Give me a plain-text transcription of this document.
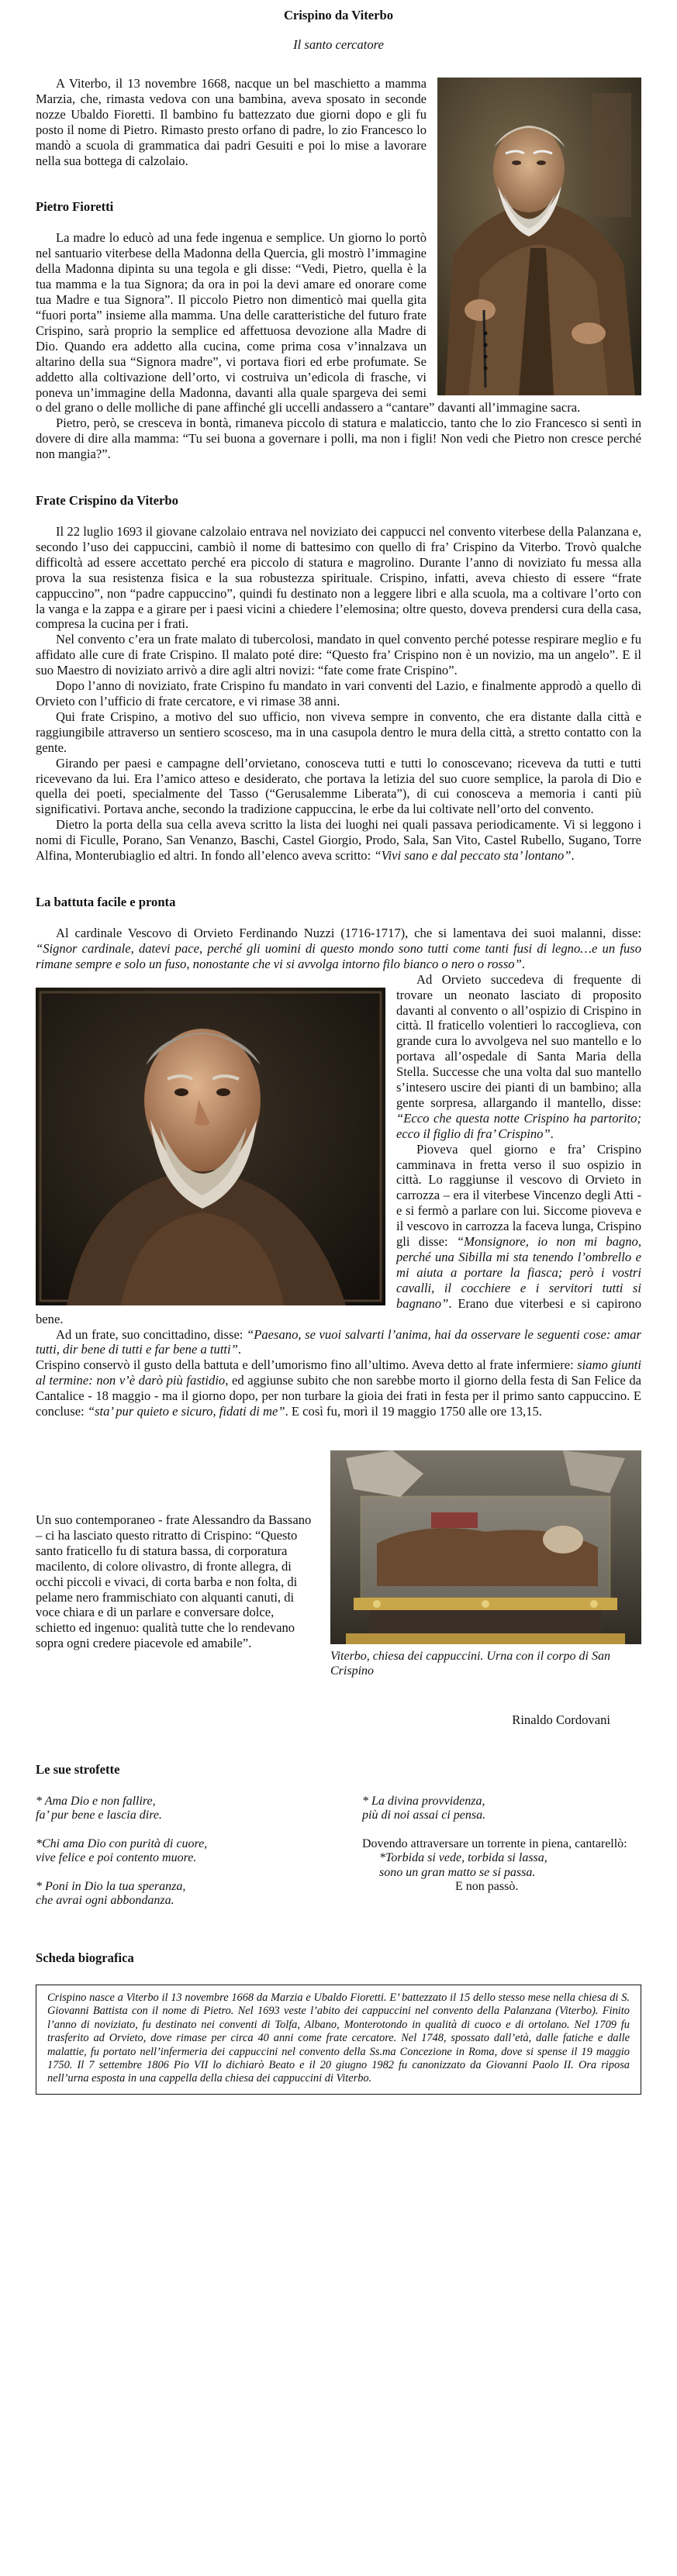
Crispino da Viterbo
Il santo cercatore

A Viterbo, il 13 novembre 1668, nacque un bel maschietto a mamma Marzia, che, rimasta vedova con una bambina, aveva sposato in seconde nozze Ubaldo Fioretti. Il bambino fu battezzato due giorni dopo e gli fu posto il nome di Pietro. Rimasto presto orfano di padre, lo zio Francesco lo mandò a scuola di grammatica dai padri Gesuiti e poi lo mise a lavorare nella sua bottega di calzolaio.

Pietro Fioretti

La madre lo educò ad una fede ingenua e semplice. Un giorno lo portò nel santuario viterbese della Madonna della Quercia, gli mostrò l’immagine della Madonna dipinta su una tegola e gli disse: “Vedi, Pietro, quella è la tua mamma e la tua Signora; da ora in poi la devi amare ed onorare come tua Madre e tua Signora”. Il piccolo Pietro non dimenticò mai quella gita “fuori porta” insieme alla mamma. Una delle caratteristiche del futuro frate Crispino, sarà proprio la semplice ed affettuosa devozione alla Madre di Dio. Quando era addetto alla cucina, come prima cosa v’innalzava un altarino della sua “Signora madre”, vi portava fiori ed erbe profumate. Se addetto alla coltivazione dell’orto, vi costruiva un’edicola di frasche, vi poneva un’immagine della Madonna, davanti alla quale spargeva dei semi o del grano o delle molliche di pane affinché gli uccelli andassero a “cantare” davanti all’immagine sacra.

Pietro, però, se cresceva in bontà, rimaneva piccolo di statura e malaticcio, tanto che lo zio Francesco si sentì in dovere di dire alla mamma: “Tu sei buona a governare i polli, ma non i figli! Non vedi che Pietro non cresce perché non mangia?”.

Frate Crispino da Viterbo

Il 22 luglio 1693 il giovane calzolaio entrava nel noviziato dei cappucci nel convento viterbese della Palanzana e, secondo l’uso dei cappuccini, cambiò il nome di battesimo con quello di fra’ Crispino da Viterbo. Trovò qualche difficoltà ad essere accettato perché era piccolo di statura e magrolino. Durante l’anno di noviziato fu messa alla prova la sua resistenza fisica e la sua robustezza spirituale. Crispino, infatti, aveva chiesto di essere “frate cappuccino”, non “padre cappuccino”, quindi fu destinato non a leggere libri e alla scuola, ma a coltivare l’orto con la vanga e la zappa e a girare per i paesi vicini a chiedere l’elemosina; oltre questo, doveva prendersi cura della casa, compresa la cucina per i frati.

Nel convento c’era un frate malato di tubercolosi, mandato in quel convento perché potesse respirare meglio e fu affidato alle cure di frate Crispino. Il malato poté dire: “Questo fra’ Crispino non è un novizio, ma un angelo”. E il suo Maestro di noviziato arrivò a dire agli altri novizi: “fate come frate Crispino”.

Dopo l’anno di noviziato, frate Crispino fu mandato in vari conventi del Lazio, e finalmente approdò a quello di Orvieto con l’ufficio di frate cercatore, e vi rimase 38 anni.

Qui frate Crispino, a motivo del suo ufficio, non viveva sempre in convento, che era distante dalla città e raggiungibile attraverso un sentiero scosceso, ma in una casupola dentro le mura della città, a stretto contatto con la gente.

Girando per paesi e campagne dell’orvietano, conosceva tutti e tutti lo conoscevano; riceveva da tutti e tutti ricevevano da lui. Era l’amico atteso e desiderato, che portava la letizia del suo cuore semplice, la parola di Dio e quella dei poeti, specialmente del Tasso (“Gerusalemme Liberata”), di cui conosceva a memoria i canti più significativi. Portava anche, secondo la tradizione cappuccina, le erbe da lui coltivate nell’orto del convento.

Dietro la porta della sua cella aveva scritto la lista dei luoghi nei quali passava periodicamente. Vi si leggono i nomi di Ficulle, Porano, San Venanzo, Baschi, Castel Giorgio, Prodo, Sala, San Vito, Castel Rubello, Sugano, Torre Alfina, Monterubiaglio ed altri. In fondo all’elenco aveva scritto: “Vivi sano e dal peccato sta’ lontano”.

La battuta facile e pronta

Al cardinale Vescovo di Orvieto Ferdinando Nuzzi (1716-1717), che si lamentava dei suoi malanni, disse: “Signor cardinale, datevi pace, perché gli uomini di questo mondo sono tutti come tanti fusi di legno…e un fuso rimane sempre e solo un fuso, nonostante che vi si avvolga intorno filo bianco o nero o rosso”.

Ad Orvieto succedeva di frequente di trovare un neonato lasciato di proposito davanti al convento o all’ospizio di Crispino in città. Il fraticello volentieri lo raccoglieva, con grande cura lo avvolgeva nel suo mantello e lo portava all’ospedale di Santa Maria della Stella. Successe che una volta dal suo mantello s’intesero uscire dei pianti di un bambino; alla gente sorpresa, allargando il mantello, disse: “Ecco che questa notte Crispino ha partorito; ecco il figlio di fra’ Crispino”.

Pioveva quel giorno e fra’ Crispino camminava in fretta verso il suo ospizio in città. Lo raggiunse il vescovo di Orvieto in carrozza – era il viterbese Vincenzo degli Atti - e si fermò a parlare con lui. Siccome pioveva e il vescovo in carrozza la faceva lunga, Crispino gli disse: “Monsignore, io non mi bagno, perché una Sibilla mi sta tenendo l’ombrello e mi aiuta a portare la fiasca; però i vostri cavalli, il cocchiere e i servitori tutti si bagnano”. Erano due viterbesi e si capirono bene.

Ad un frate, suo concittadino, disse: “Paesano, se vuoi salvarti l’anima, hai da osservare le seguenti cose: amar tutti, dir bene di tutti e far bene a tutti”.

Crispino conservò il gusto della battuta e dell’umorismo fino all’ultimo. Aveva detto al frate infermiere: siamo giunti al termine: non v’è darò più fastidio, ed aggiunse subito che non sarebbe morto il giorno della festa di San Felice da Cantalice - 18 maggio - ma il giorno dopo, per non turbare la gioia dei frati in festa per il primo santo cappuccino. E concluse: “sta’ pur quieto e sicuro, fidati di me”. E così fu, morì il 19 maggio 1750 alle ore 13,15.

Viterbo, chiesa dei cappuccini. Urna con il corpo di San Crispino

Un suo contemporaneo - frate Alessandro da Bassano – ci ha lasciato questo ritratto di Crispino: “Questo santo fraticello fu di statura bassa, di corporatura macilento, di colore olivastro, di fronte allegra, di occhi piccoli e vivaci, di corta barba e non folta, di pelame nero frammischiato con alquanti canuti, di voce chiara e di un parlare e conversare dolce, schietto ed ingenuo: qualità tutte che lo rendevano sopra ogni credere piacevole ed amabile”.

Rinaldo Cordovani
Le sue strofette

* Ama Dio e non fallire,

fa’ pur bene e lascia dire.

*Chi ama Dio con purità di cuore,

vive felice e poi contento muore.

* Poni in Dio la tua speranza,

che avrai ogni abbondanza.

* La divina provvidenza,

più di noi assai ci pensa.

Dovendo attraversare un torrente in piena, cantarellò:

*Torbida si vede, torbida si lassa,

sono un gran matto se si passa.

E non passò.

Scheda biografica

Crispino nasce a Viterbo il 13 novembre 1668 da Marzia e Ubaldo Fioretti. E’ battezzato il 15 dello stesso mese nella chiesa di S. Giovanni Battista con il nome di Pietro. Nel 1693 veste l’abito dei cappuccini nel convento della Palanzana (Viterbo). Finito l’anno di noviziato, fu destinato nei conventi di Tolfa, Albano, Monterotondo in qualità di cuoco e di ortolano. Nel 1709 fu trasferito ad Orvieto, dove rimase per circa 40 anni come frate cercatore. Nel 1748, spossato dall’età, dalle fatiche e dalle malattie, fu portato nell’infermeria dei cappuccini nel convento della Ss.ma Concezione in Roma, dove si spense il 19 maggio 1750. Il 7 settembre 1806 Pio VII lo dichiarò Beato e il 20 giugno 1982 fu canonizzato da Giovanni Paolo II. Ora riposa nell’urna esposta in una cappella della chiesa dei cappuccini di Viterbo.
